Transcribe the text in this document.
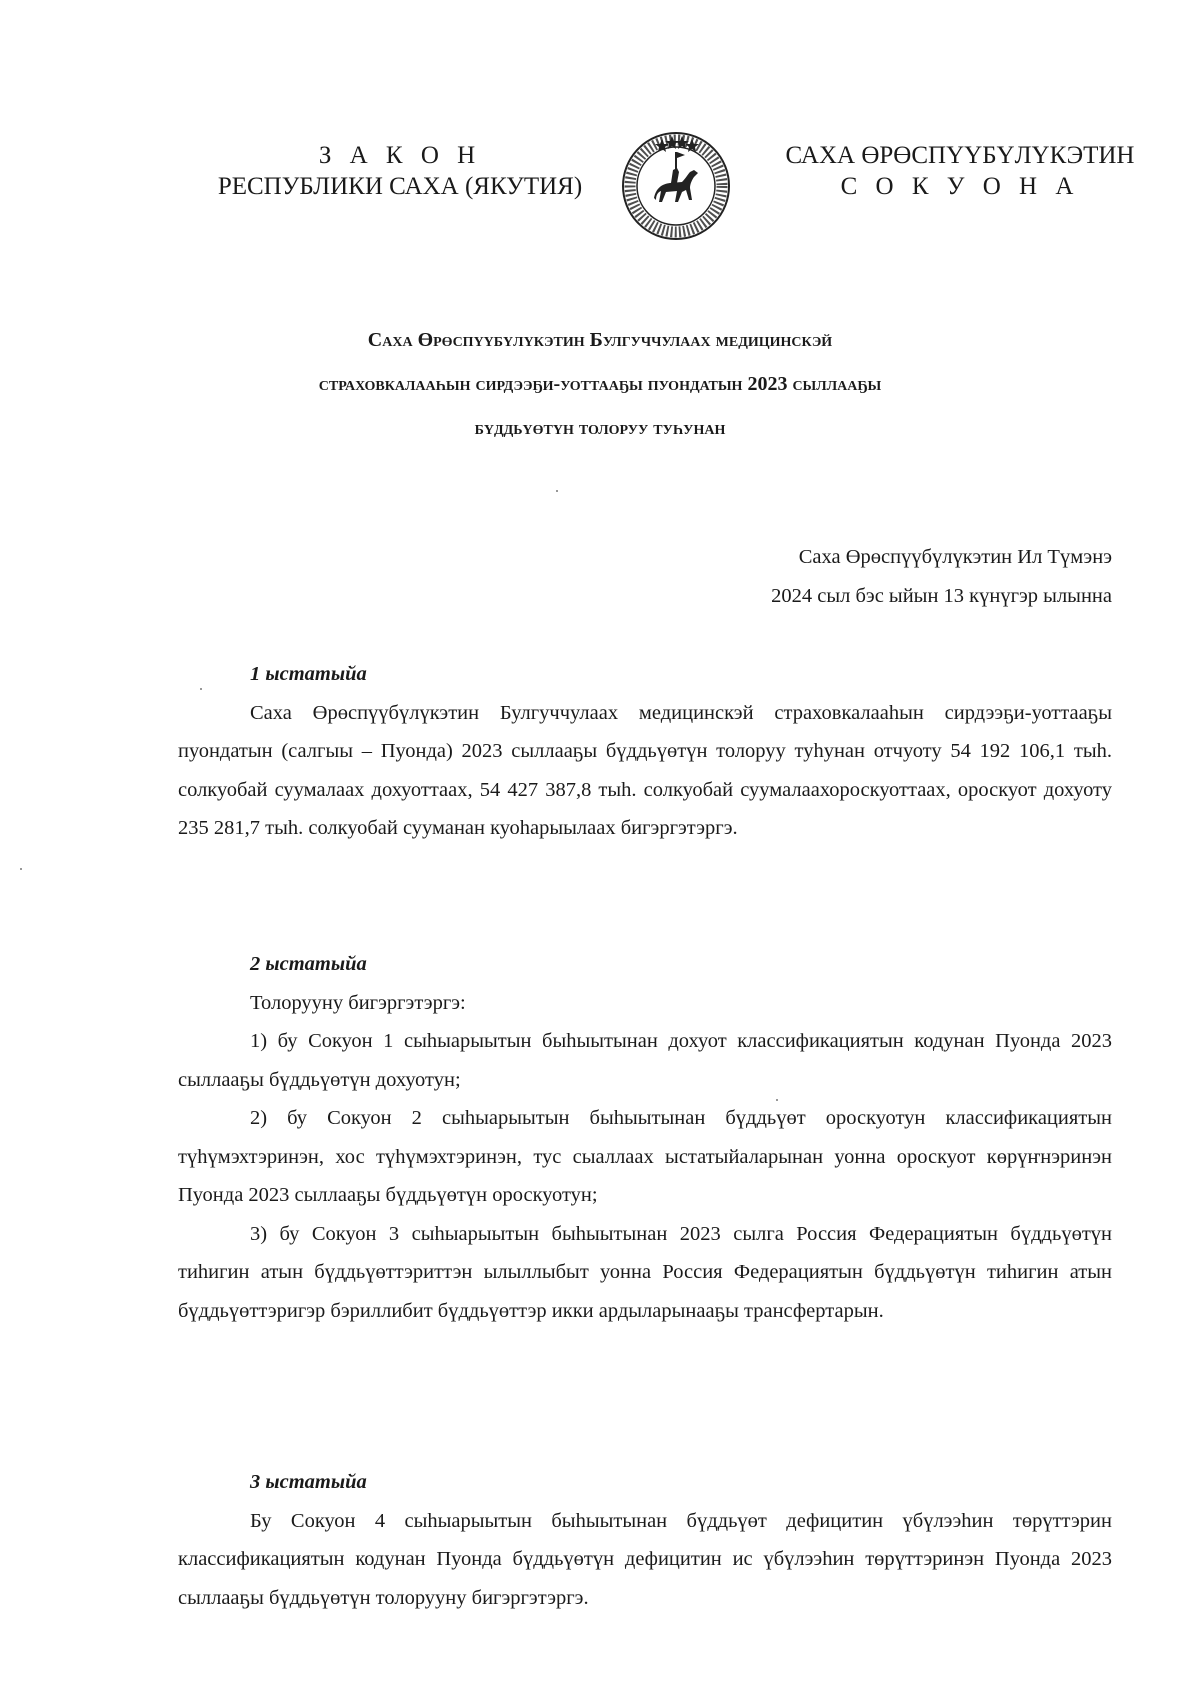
З А К О Н
РЕСПУБЛИКИ САХА (ЯКУТИЯ)
САХА ӨРӨСПҮҮБҮЛҮКЭТИН
С О К У О Н А
Саха Өрөспүүбүлүкэтин Булгуччулаах медицинскэй
страховкалааһын сирдээҕи-уоттааҕы пуондатын 2023 сыллааҕы
бүддьүөтүн толоруу туһунан
Саха Өрөспүүбүлүкэтин Ил Түмэнэ
2024 сыл бэс ыйын 13 күнүгэр ылынна
1 ыстатыйа

Саха Өрөспүүбүлүкэтин Булгуччулаах медицинскэй страховкалааһын сирдээҕи-уоттааҕы пуондатын (салгыы – Пуонда) 2023 сыллааҕы бүддьүөтүн толоруу туһунан отчуоту 54 192 106,1 тыһ. солкуобай суумалаах дохуоттаах, 54 427 387,8 тыһ. солкуобай суумалаахороскуоттаах, ороскуот дохуоту 235 281,7 тыһ. солкуобай сууманан куоһарыылаах бигэргэтэргэ.

2 ыстатыйа

Толорууну бигэргэтэргэ:

1) бу Сокуон 1 сыһыарыытын быһыытынан дохуот классификациятын кодунан Пуонда 2023 сыллааҕы бүддьүөтүн дохуотун;

2) бу Сокуон 2 сыһыарыытын быһыытынан бүддьүөт ороскуотун классификациятын түһүмэхтэринэн, хос түһүмэхтэринэн, тус сыаллаах ыстатыйаларынан уонна ороскуот көрүҥнэринэн Пуонда 2023 сыллааҕы бүддьүөтүн ороскуотун;

3) бу Сокуон 3 сыһыарыытын быһыытынан 2023 сылга Россия Федерациятын бүддьүөтүн тиһигин атын бүддьүөттэриттэн ылыллыбыт уонна Россия Федерациятын бүддьүөтүн тиһигин атын бүддьүөттэригэр бэриллибит бүддьүөттэр икки ардыларынааҕы трансфертарын.

3 ыстатыйа

Бу Сокуон 4 сыһыарыытын быһыытынан бүддьүөт дефицитин үбүлээһин төрүттэрин классификациятын кодунан Пуонда бүддьүөтүн дефицитин ис үбүлээһин төрүттэринэн Пуонда 2023 сыллааҕы бүддьүөтүн толорууну бигэргэтэргэ.
